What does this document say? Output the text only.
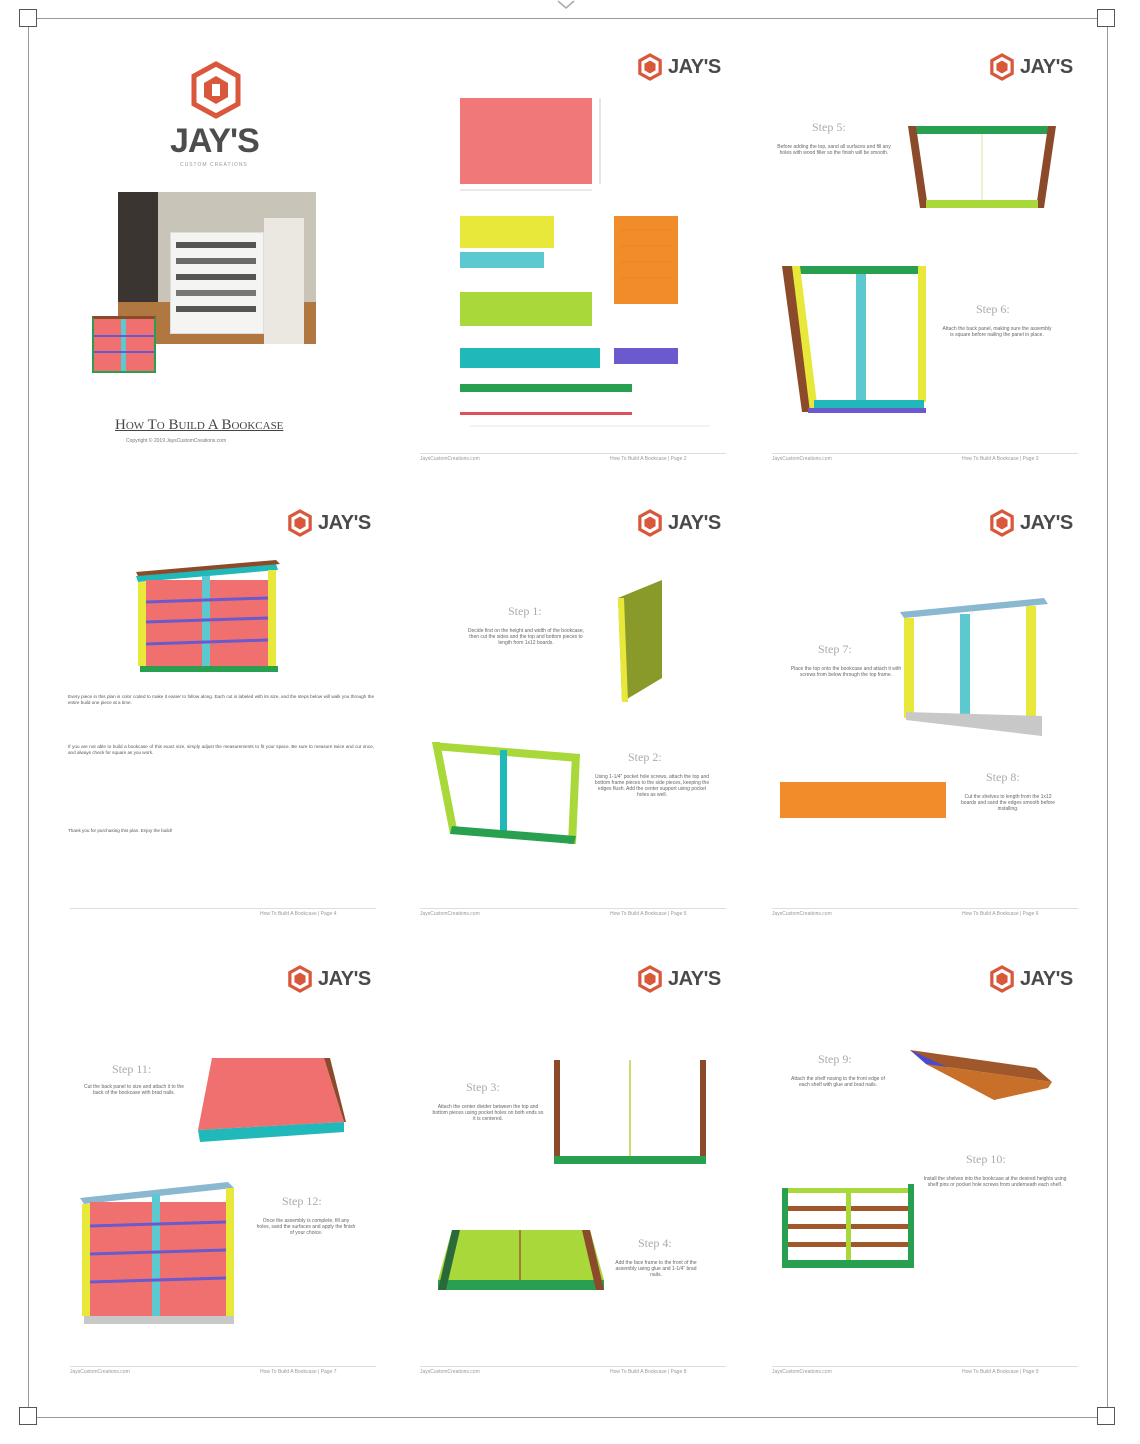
JAY'S
CUSTOM CREATIONS
How To Build A Bookcase
Copyright © 2019 JaysCustomCreations.com
JAY'S
JaysCustomCreations.com	How To Build A Bookcase | Page 2
JAY'S
Step 5:
Before adding the top, sand all surfaces and fill any holes with wood filler so the finish will be smooth.
Step 6:
Attach the back panel, making sure the assembly is square before nailing the panel in place.
JaysCustomCreations.com	How To Build A Bookcase | Page 3
JAY'S
Every piece in this plan is color coded to make it easier to follow along. Each cut is labeled with its size, and the steps below will walk you through the entire build one piece at a time.
If you are not able to build a bookcase of this exact size, simply adjust the measurements to fit your space. Be sure to measure twice and cut once, and always check for square as you work.
Thank you for purchasing this plan. Enjoy the build!
How To Build A Bookcase | Page 4
JAY'S
Step 1:
Decide first on the height and width of the bookcase, then cut the sides and the top and bottom pieces to length from 1x12 boards.
Step 2:
Using 1-1/4" pocket hole screws, attach the top and bottom frame pieces to the side pieces, keeping the edges flush. Add the center support using pocket holes as well.
JaysCustomCreations.com	How To Build A Bookcase | Page 5
JAY'S
Step 7:
Place the top onto the bookcase and attach it with screws from below through the top frame.
Step 8:
Cut the shelves to length from the 1x12 boards and sand the edges smooth before installing.
JaysCustomCreations.com	How To Build A Bookcase | Page 6
JAY'S
Step 11:
Cut the back panel to size and attach it to the back of the bookcase with brad nails.
Step 12:
Once the assembly is complete, fill any holes, sand the surfaces and apply the finish of your choice.
JaysCustomCreations.com	How To Build A Bookcase | Page 7
JAY'S
Step 3:
Attach the center divider between the top and bottom pieces using pocket holes on both ends so it is centered.
Step 4:
Add the face frame to the front of the assembly using glue and 1-1/4" brad nails.
JaysCustomCreations.com	How To Build A Bookcase | Page 8
JAY'S
Step 9:
Attach the shelf nosing to the front edge of each shelf with glue and brad nails.
Step 10:
Install the shelves into the bookcase at the desired heights using shelf pins or pocket hole screws from underneath each shelf.
JaysCustomCreations.com	How To Build A Bookcase | Page 9
